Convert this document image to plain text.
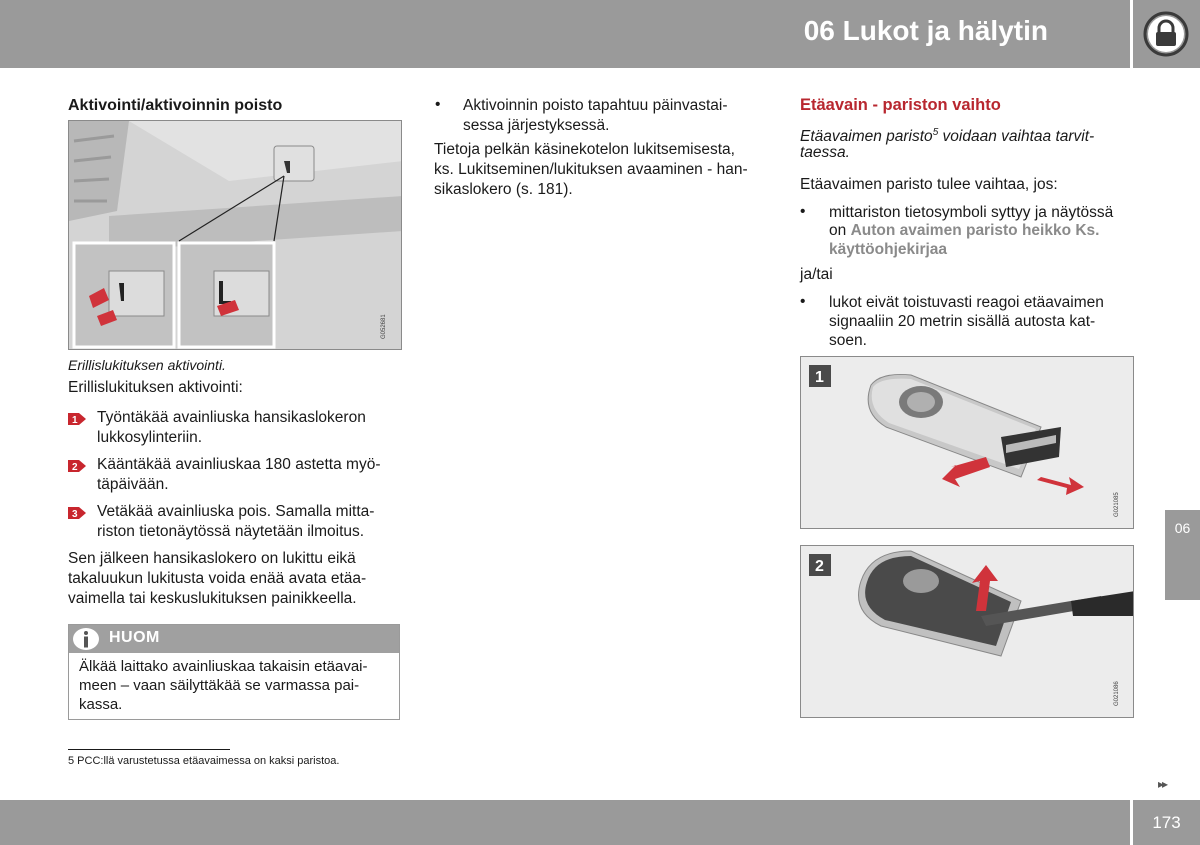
06 Lukot ja hälytin
06
Aktivointi/aktivoinnin poisto
G052681
Erillislukituksen aktivointi.
Erillislukituksen aktivointi:
1 Työntäkää avainliuska hansikaslokeron
lukkosylinteriin.
2 Kääntäkää avainliuskaa 180 astetta myö-
täpäivään.
3 Vetäkää avainliuska pois. Samalla mitta-
riston tietonäytössä näytetään ilmoitus.
Sen jälkeen hansikaslokero on lukittu eikä
takaluukun lukitusta voida enää avata etäa-
vaimella tai keskuslukituksen painikkeella.
HUOM
Älkää laittako avainliuskaa takaisin etäavai-
meen – vaan säilyttäkää se varmassa pai-
kassa.
5 PCC:llä varustetussa etäavaimessa on kaksi paristoa.
• Aktivoinnin poisto tapahtuu päinvastai-
sessa järjestyksessä.
Tietoja pelkän käsinekotelon lukitsemisesta,
ks. Lukitseminen/lukituksen avaaminen - han-
sikaslokero (s. 181).
Etäavain - pariston vaihto
Etäavaimen paristo$^5$ voidaan vaihtaa tarvit-
taessa.
Etäavaimen paristo tulee vaihtaa, jos:
• mittariston tietosymboli syttyy ja näytössä
on Auton avaimen paristo heikko Ks.
käyttöohjekirjaa
ja/tai
• lukot eivät toistuvasti reagoi etäavaimen
signaaliin 20 metrin sisällä autosta kat-
soen.
1
G021085
2
G021086
▸▸
173
